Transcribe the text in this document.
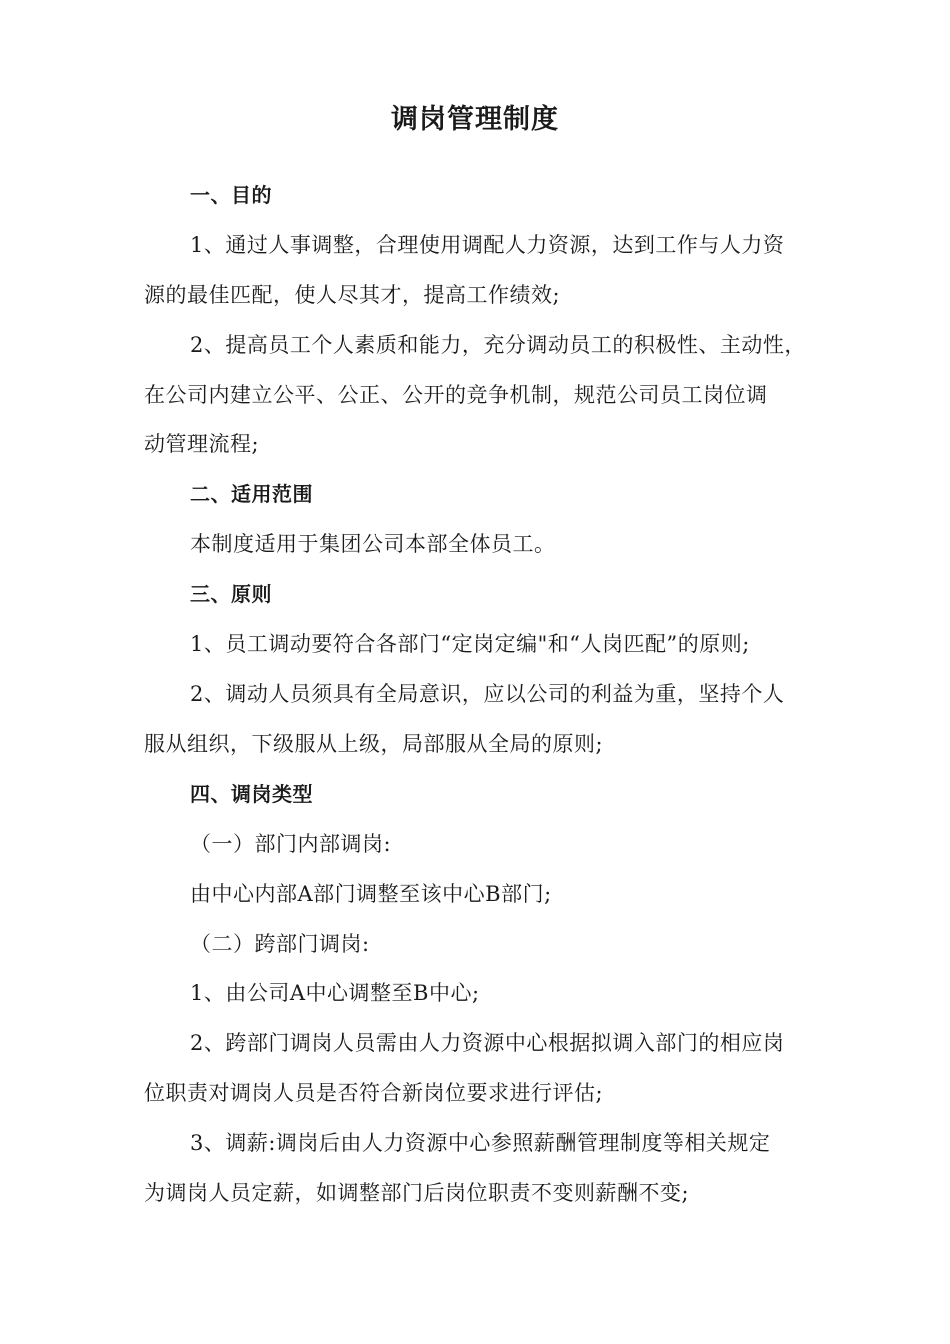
调岗管理制度
一、目的
1、通过人事调整，合理使用调配人力资源，达到工作与人力资
源的最佳匹配，使人尽其才，提高工作绩效;
2、提高员工个人素质和能力，充分调动员工的积极性、主动性，
在公司内建立公平、公正、公开的竞争机制，规范公司员工岗位调
动管理流程;
二、适用范围
本制度适用于集团公司本部全体员工。
三、原则
1、员工调动要符合各部门“定岗定编"和“人岗匹配”的原则;
2、调动人员须具有全局意识，应以公司的利益为重，坚持个人
服从组织，下级服从上级，局部服从全局的原则;
四、调岗类型
（一）部门内部调岗:
由中心内部A部门调整至该中心B部门;
（二）跨部门调岗:
1、由公司A中心调整至B中心;
2、跨部门调岗人员需由人力资源中心根据拟调入部门的相应岗
位职责对调岗人员是否符合新岗位要求进行评估;
3、调薪:调岗后由人力资源中心参照薪酬管理制度等相关规定
为调岗人员定薪，如调整部门后岗位职责不变则薪酬不变;
